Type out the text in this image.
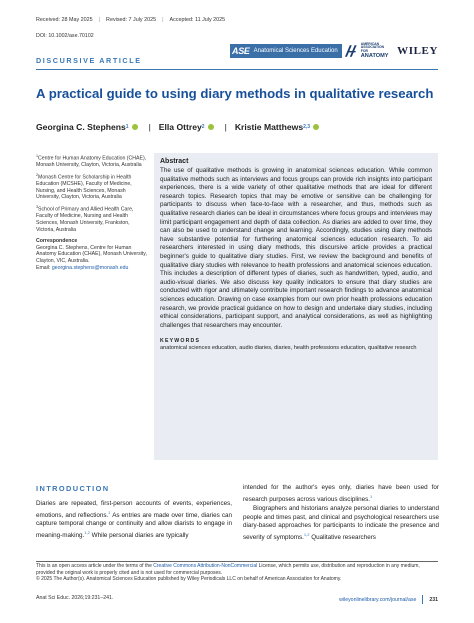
Received: 28 May 2025 | Revised: 7 July 2025 | Accepted: 11 July 2025
DOI: 10.1002/ase.70102
ASE Anatomical Sciences Education
AMERICAN
ASSOCIATION FOR
ANATOMY WILEY
DISCURSIVE ARTICLE
A practical guide to using diary methods in qualitative research
Georgina C. Stephens 1 | Ella Ottrey 2 | Kristie Matthews 2,3

$^1$Centre for Human Anatomy Education (CHAE), Monash University, Clayton, Victoria, Australia

$^2$Monash Centre for Scholarship in Health Education (MCSHE), Faculty of Medicine, Nursing, and Health Sciences, Monash University, Clayton, Victoria, Australia

$^3$School of Primary and Allied Health Care, Faculty of Medicine, Nursing and Health Sciences, Monash University, Frankston, Victoria, Australia

Correspondence
Georgina C. Stephens, Centre for Human Anatomy Education (CHAE), Monash University, Clayton, VIC, Australia.
Email: georgina.stephens@monash.edu

Abstract
The use of qualitative methods is growing in anatomical sciences education. While common qualitative methods such as interviews and focus groups can provide rich insights into participant experiences, there is a wide variety of other qualitative methods that are ideal for different research topics. Research topics that may be emotive or sensitive can be challenging for participants to discuss when face-to-face with a researcher, and thus, methods such as qualitative research diaries can be ideal in circumstances where focus groups and interviews may limit participant engagement and depth of data collection. As diaries are added to over time, they can also be used to understand change and learning. Accordingly, studies using diary methods have substantive potential for furthering anatomical sciences education research. To aid researchers interested in using diary methods, this discursive article provides a practical beginner's guide to qualitative diary studies. First, we review the background and benefits of qualitative diary studies with relevance to health professions and anatomical sciences education. This includes a description of different types of diaries, such as handwritten, typed, audio, and audio-visual diaries. We also discuss key quality indicators to ensure that diary studies are conducted with rigor and ultimately contribute important research findings to advance anatomical sciences education. Drawing on case examples from our own prior health professions education research, we provide practical guidance on how to design and undertake diary studies, including ethical considerations, participant support, and analytical considerations, as well as highlighting challenges that researchers may encounter.
KEYWORDS
anatomical sciences education, audio diaries, diaries, health professions education, qualitative research
INTRODUCTION

Diaries are repeated, first-person accounts of events, experiences, emotions, and reflections.$^1$ As entries are made over time, diaries can capture temporal change or continuity and allow diarists to engage in meaning-making.$^{1,2}$ While personal diaries are typically

intended for the author's eyes only, diaries have been used for research purposes across various disciplines.$^1$

Biographers and historians analyze personal diaries to understand people and times past, and clinical and psychological researchers use diary-based approaches for participants to indicate the presence and severity of symptoms.$^{1,2}$ Qualitative researchers

This is an open access article under the terms of the Creative Commons Attribution-NonCommercial License, which permits use, distribution and reproduction in any medium, provided the original work is properly cited and is not used for commercial purposes.
© 2025 The Author(s). Anatomical Sciences Education published by Wiley Periodicals LLC on behalf of American Association for Anatomy.
Anat Sci Educ. 2026;19:231–241.	wileyonlinelibrary.com/journal/ase	231
